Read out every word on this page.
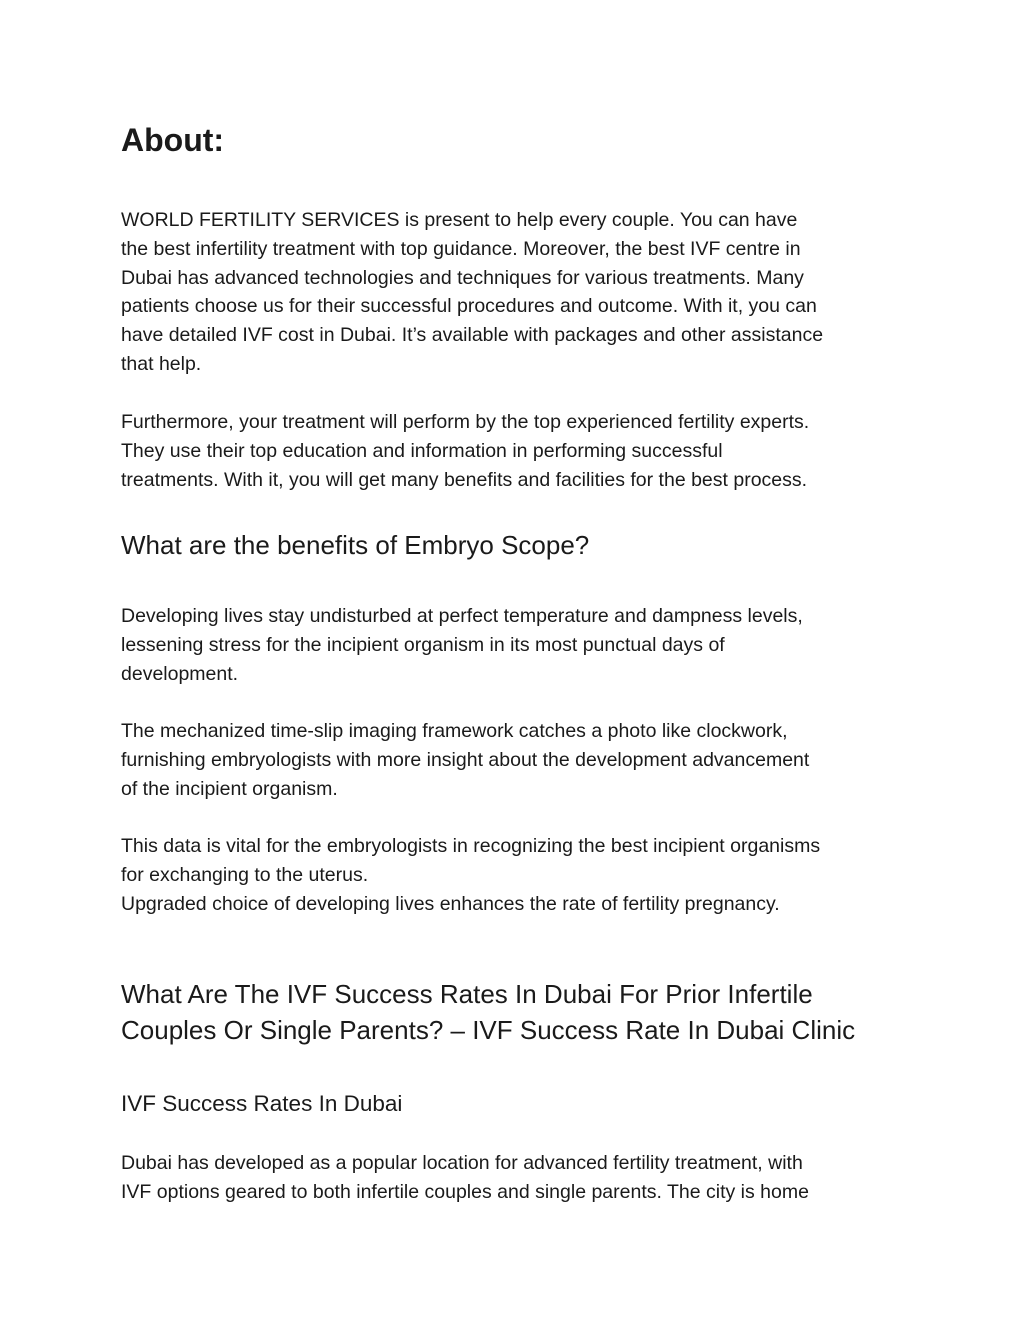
About:

WORLD FERTILITY SERVICES is present to help every couple. You can have
the best infertility treatment with top guidance. Moreover, the best IVF centre in
Dubai has advanced technologies and techniques for various treatments. Many
patients choose us for their successful procedures and outcome. With it, you can
have detailed IVF cost in Dubai. It’s available with packages and other assistance
that help.

Furthermore, your treatment will perform by the top experienced fertility experts.
They use their top education and information in performing successful
treatments. With it, you will get many benefits and facilities for the best process.

What are the benefits of Embryo Scope?

Developing lives stay undisturbed at perfect temperature and dampness levels,
lessening stress for the incipient organism in its most punctual days of
development.

The mechanized time-slip imaging framework catches a photo like clockwork,
furnishing embryologists with more insight about the development advancement
of the incipient organism.

This data is vital for the embryologists in recognizing the best incipient organisms
for exchanging to the uterus.
Upgraded choice of developing lives enhances the rate of fertility pregnancy.

What Are The IVF Success Rates In Dubai For Prior Infertile
Couples Or Single Parents? – IVF Success Rate In Dubai Clinic
IVF Success Rates In Dubai

Dubai has developed as a popular location for advanced fertility treatment, with
IVF options geared to both infertile couples and single parents. The city is home
